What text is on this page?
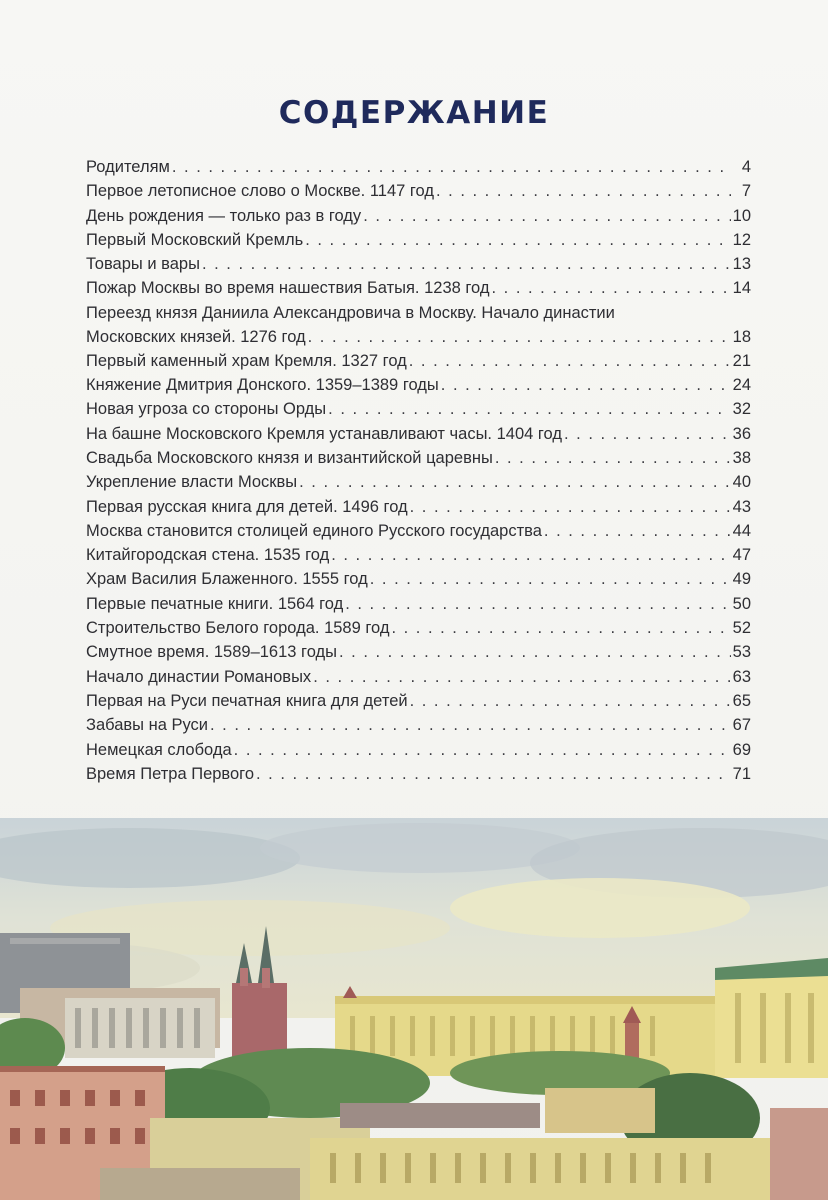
СОДЕРЖАНИЕ
Родителям . . .	4
Первое летописное слово о Москве. 1147 год . . .	7
День рождения — только раз в году . . .	10
Первый Московский Кремль . . .	12
Товары и вары . . .	13
Пожар Москвы во время нашествия Батыя. 1238 год . . .	14
Переезд князя Даниила Александровича в Москву. Начало династии
Московских князей. 1276 год . . .	18
Первый каменный храм Кремля. 1327 год . . .	21
Княжение Дмитрия Донского. 1359–1389 годы . . .	24
Новая угроза со стороны Орды . . .	32
На башне Московского Кремля устанавливают часы. 1404 год . . .	36
Свадьба Московского князя и византийской царевны . . .	38
Укрепление власти Москвы . . .	40
Первая русская книга для детей. 1496 год . . .	43
Москва становится столицей единого Русского государства . . .	44
Китайгородская стена. 1535 год . . .	47
Храм Василия Блаженного. 1555 год . . .	49
Первые печатные книги. 1564 год . . .	50
Строительство Белого города. 1589 год . . .	52
Смутное время. 1589–1613 годы . . .	53
Начало династии Романовых . . .	63
Первая на Руси печатная книга для детей . . .	65
Забавы на Руси . . .	67
Немецкая слобода . . .	69
Время Петра Первого . . .	71
